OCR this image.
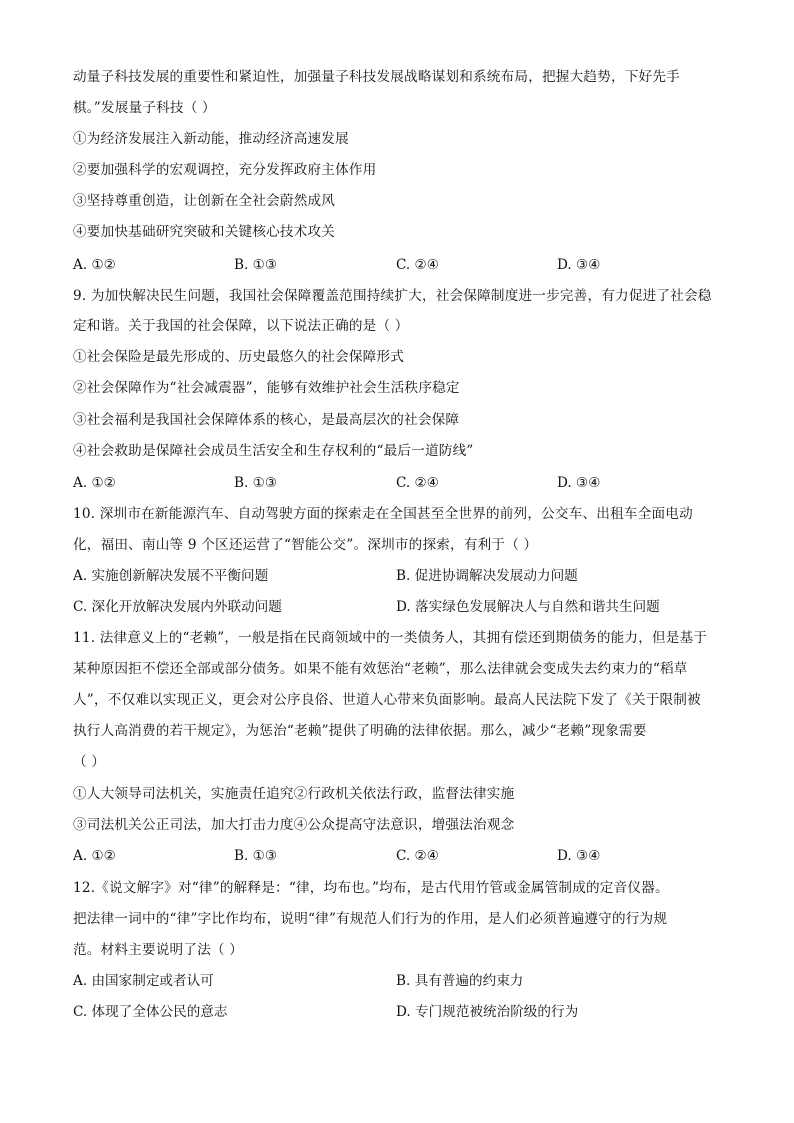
动量子科技发展的重要性和紧迫性，加强量子科技发展战略谋划和系统布局，把握大趋势，下好先手
棋。”发展量子科技（ ）
①为经济发展注入新动能，推动经济高速发展
②要加强科学的宏观调控，充分发挥政府主体作用
③坚持尊重创造，让创新在全社会蔚然成风
④要加快基础研究突破和关键核心技术攻关
A. ①②	B. ①③	C. ②④	D. ③④
9. 为加快解决民生问题，我国社会保障覆盖范围持续扩大，社会保障制度进一步完善，有力促进了社会稳
定和谐。关于我国的社会保障，以下说法正确的是（ ）
①社会保险是最先形成的、历史最悠久的社会保障形式
②社会保障作为“社会减震器”，能够有效维护社会生活秩序稳定
③社会福利是我国社会保障体系的核心，是最高层次的社会保障
④社会救助是保障社会成员生活安全和生存权利的“最后一道防线”
A. ①②	B. ①③	C. ②④	D. ③④
10. 深圳市在新能源汽车、自动驾驶方面的探索走在全国甚至全世界的前列，公交车、出租车全面电动
化，福田、南山等 9 个区还运营了“智能公交”。深圳市的探索，有利于（ ）
A. 实施创新解决发展不平衡问题	B. 促进协调解决发展动力问题
C. 深化开放解决发展内外联动问题	D. 落实绿色发展解决人与自然和谐共生问题
11. 法律意义上的“老赖”，一般是指在民商领域中的一类债务人，其拥有偿还到期债务的能力，但是基于
某种原因拒不偿还全部或部分债务。如果不能有效惩治“老赖”，那么法律就会变成失去约束力的“稻草
人”，不仅难以实现正义，更会对公序良俗、世道人心带来负面影响。最高人民法院下发了《关于限制被
执行人高消费的若干规定》，为惩治“老赖”提供了明确的法律依据。那么，减少“老赖”现象需要
（ ）
①人大领导司法机关，实施责任追究②行政机关依法行政，监督法律实施
③司法机关公正司法，加大打击力度④公众提高守法意识，增强法治观念
A. ①②	B. ①③	C. ②④	D. ③④
12.《说文解字》对“律”的解释是：“律，均布也。”均布，是古代用竹管或金属管制成的定音仪器。
把法律一词中的“律”字比作均布，说明“律”有规范人们行为的作用，是人们必须普遍遵守的行为规
范。材料主要说明了法（ ）
A. 由国家制定或者认可	B. 具有普遍的约束力
C. 体现了全体公民的意志	D. 专门规范被统治阶级的行为
